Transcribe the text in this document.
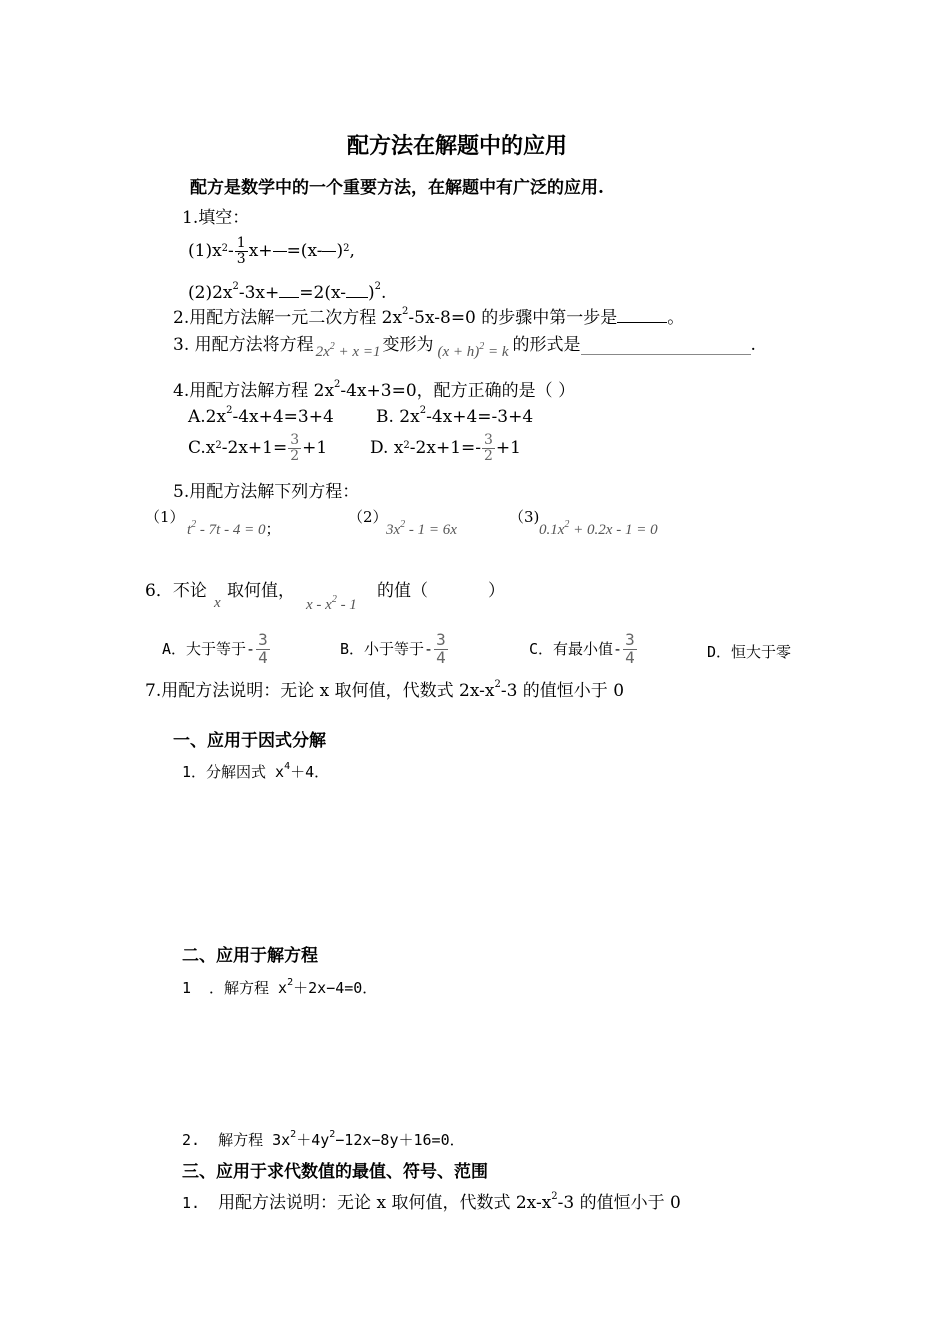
配方法在解题中的应用
配方是数学中的一个重要方法，在解题中有广泛的应用.
1.填空：
$(1)x^2 - \frac{1}{3} x+ =(x-$ )$^2$ ,
$(2)2x^2-3x+ =2(x-$ )$^2$.
2.用配方法解一元二次方程 $2x^2-5x-8=0$ 的步骤中第一步是	。
3. 用配方法将方程 $2x^2 + x =1$ 变形为 $(x + h)^2 = k$ 的形式是	.
4.用配方法解方程 $2x^2-4x+3=0$，配方正确的是（ ）
$A.2x^2-4x+4=3+4$ B. $2x^2-4x+4=-3+4$
$C.x^2$ $-2x+1= \frac{3}{2} +1$	D. $x^2$ $-2x+1=- \frac{3}{2} +1$
5.用配方法解下列方程：
（1）
$t^2 - 7t - 4 = 0$；
（2）
$3x^2 - 1 = 6x$
（3)
$0.1x^2 + 0.2x - 1 = 0$
6．不论
x
取何值，
x - $x^2 - 1$
的值（	）
A．大于等于- $\frac{3}{4}$	B．小于等于- $\frac{3}{4}$	C．有最小值- $\frac{3}{4}$	D．恒大于零
7.用配方法说明：无论 x 取何值，代数式 $2x-x^2-3$ 的值恒小于 0
一、应用于因式分解
1．分解因式 $x^4+4$．
二、应用于解方程
1 ．解方程 $x^2+2x-4=0$．
2. 解方程 $3x^2+4y^2-12x-8y+16=0$．
三、应用于求代数值的最值、符号、范围
1. 用配方法说明：无论 x 取何值，代数式 $2x-x^2-3$ 的值恒小于 0
